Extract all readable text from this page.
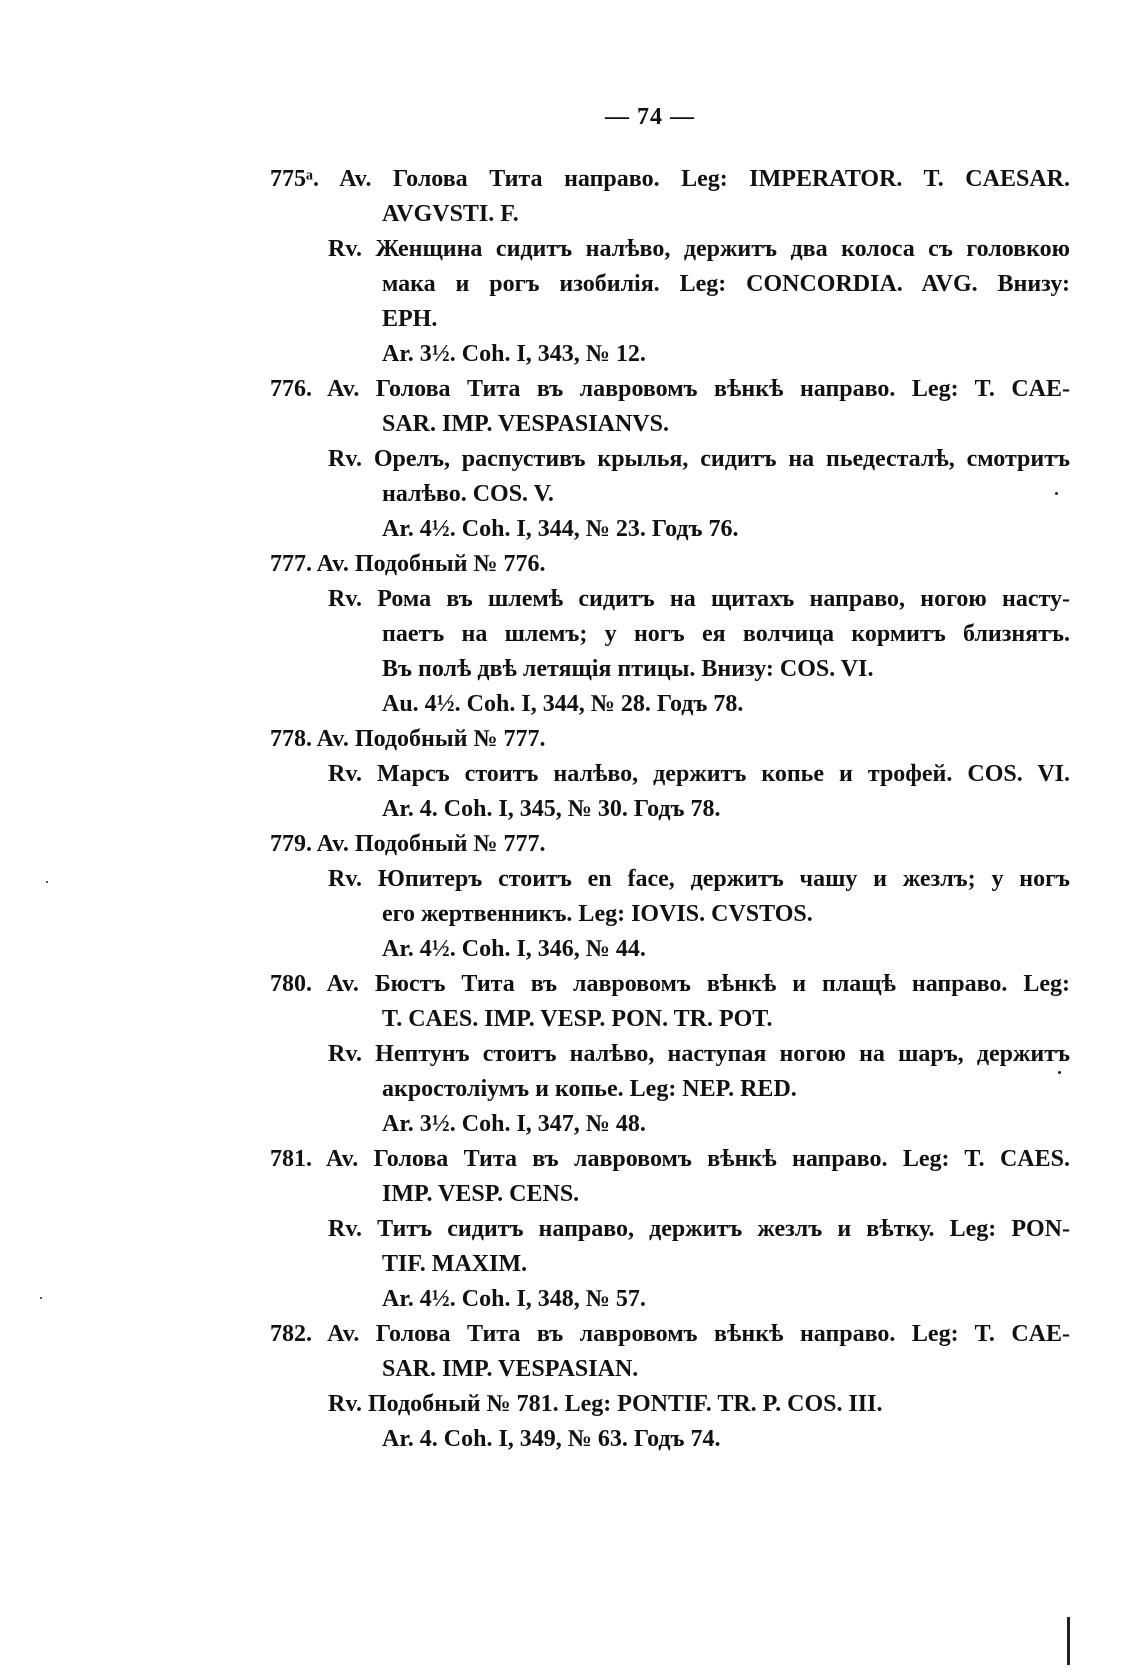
— 74 —
775ᵃ. Av. Голова Тита направо. Leg: IMPERATOR. T. CAESAR.
AVGVSTI. F.
Rv. Женщина сидитъ налѣво, держитъ два колоса съ головкою
мака и рогъ изобилія. Leg: CONCORDIA. AVG. Внизу:
EPH.
Ar. 3½. Coh. I, 343, № 12.
776. Av. Голова Тита въ лавровомъ вѣнкѣ направо. Leg: T. CAE-
SAR. IMP. VESPASIANVS.
Rv. Орелъ, распустивъ крылья, сидитъ на пьедесталѣ, смотритъ
налѣво. COS. V.
Ar. 4½. Coh. I, 344, № 23. Годъ 76.
777. Av. Подобный № 776.
Rv. Рома въ шлемѣ сидитъ на щитахъ направо, ногою насту-
паетъ на шлемъ; у ногъ ея волчица кормитъ близнятъ.
Въ полѣ двѣ летящія птицы. Внизу: COS. VI.
Au. 4½. Coh. I, 344, № 28. Годъ 78.
778. Av. Подобный № 777.
Rv. Марсъ стоитъ налѣво, держитъ копье и трофей. COS. VI.
Ar. 4. Coh. I, 345, № 30. Годъ 78.
779. Av. Подобный № 777.
Rv. Юпитеръ стоитъ en face, держитъ чашу и жезлъ; у ногъ
его жертвенникъ. Leg: IOVIS. CVSTOS.
Ar. 4½. Coh. I, 346, № 44.
780. Av. Бюстъ Тита въ лавровомъ вѣнкѣ и плащѣ направо. Leg:
T. CAES. IMP. VESP. PON. TR. POT.
Rv. Нептунъ стоитъ налѣво, наступая ногою на шаръ, держитъ
акростоліумъ и копье. Leg: NEP. RED.
Ar. 3½. Coh. I, 347, № 48.
781. Av. Голова Тита въ лавровомъ вѣнкѣ направо. Leg: T. CAES.
IMP. VESP. CENS.
Rv. Титъ сидитъ направо, держитъ жезлъ и вѣтку. Leg: PON-
TIF. MAXIM.
Ar. 4½. Coh. I, 348, № 57.
782. Av. Голова Тита въ лавровомъ вѣнкѣ направо. Leg: T. CAE-
SAR. IMP. VESPASIAN.
Rv. Подобный № 781. Leg: PONTIF. TR. P. COS. III.
Ar. 4. Coh. I, 349, № 63. Годъ 74.
